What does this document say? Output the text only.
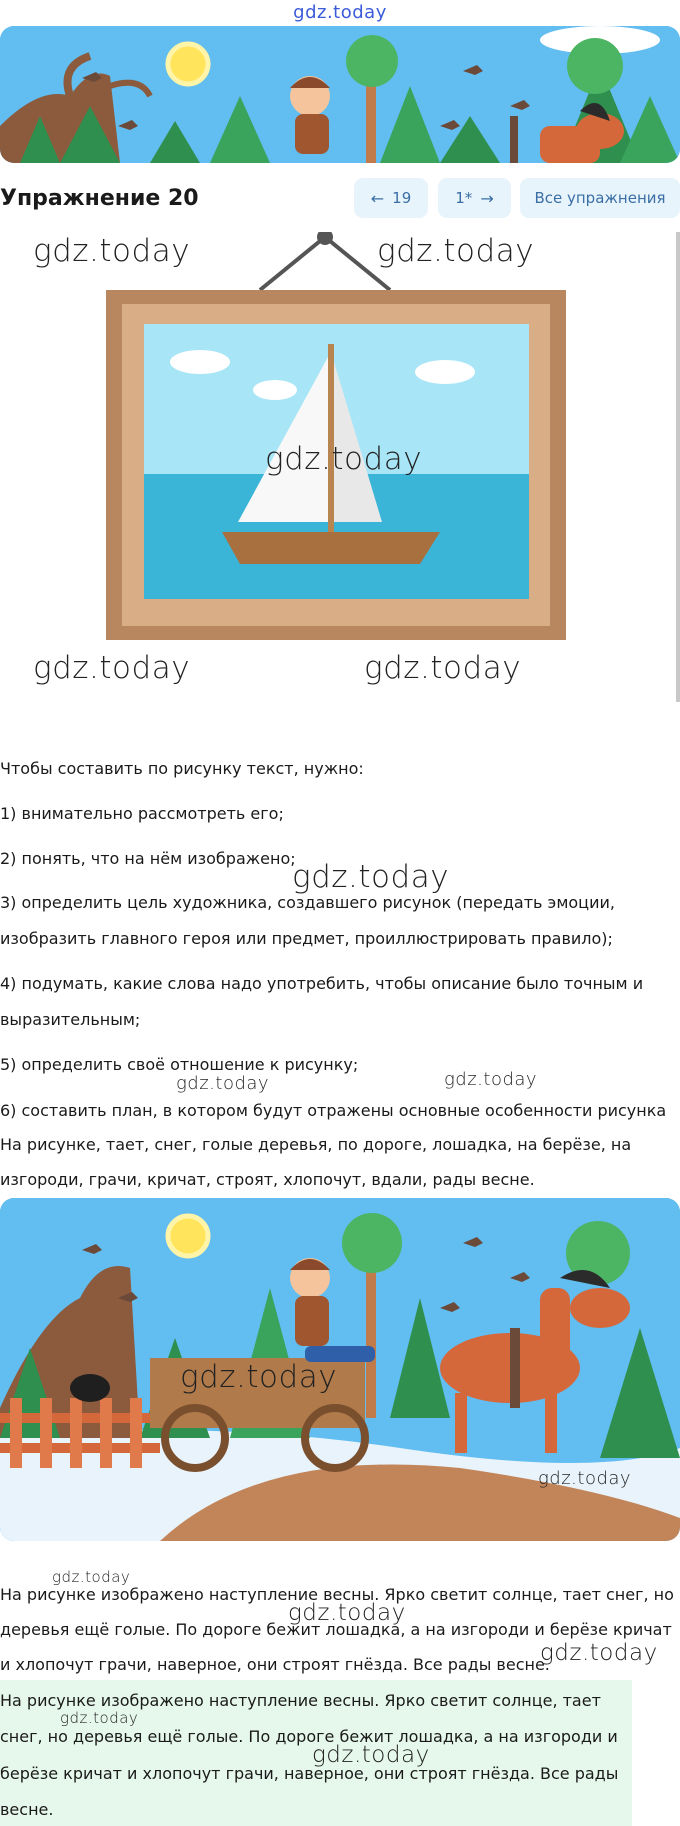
gdz.today
Упражнение 20	← 19	1* →	Все упражнения
gdz.today	gdz.today
gdz.today
gdz.today	gdz.today
Чтобы составить по рисунку текст, нужно:
1) внимательно рассмотреть его;
2) понять, что на нём изображено;
gdz.today
3) определить цель художника, создавшего рисунок (передать эмоции,
изобразить главного героя или предмет, проиллюстрировать правило);
4) подумать, какие слова надо употребить, чтобы описание было точным и
выразительным;
5) определить своё отношение к рисунку;
gdz.today	gdz.today
6) составить план, в котором будут отражены основные особенности рисунка
На рисунке, тает, снег, голые деревья, по дороге, лошадка, на берёзе, на
изгороди, грачи, кричат, строят, хлопочут, вдали, рады весне.
gdz.today
gdz.today
gdz.today
На рисунке изображено наступление весны. Ярко светит солнце, тает снег, но
gdz.today
деревья ещё голые. По дороге бежит лошадка, а на изгороди и берёзе кричат
и хлопочут грачи, наверное, они строят гнёзда. Все рады весне.
gdz.today
На рисунке изображено наступление весны. Ярко светит солнце, тает
gdz.today
снег, но деревья ещё голые. По дороге бежит лошадка, а на изгороди и
gdz.today
берёзе кричат и хлопочут грачи, наверное, они строят гнёзда. Все рады
весне.
